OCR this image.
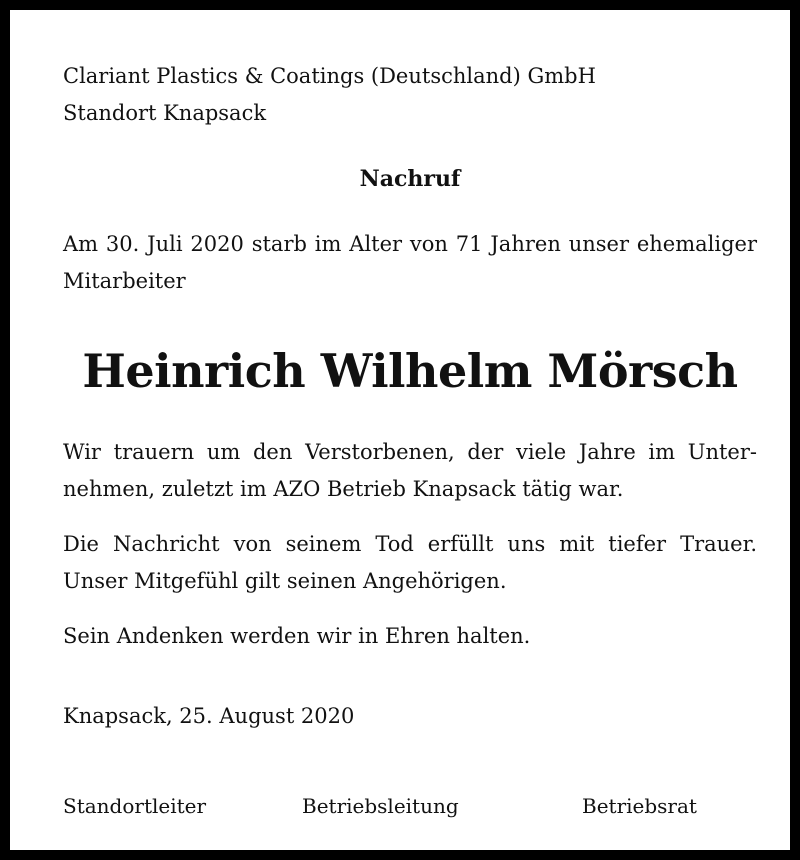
Clariant Plastics & Coatings (Deutschland) GmbH
Standort Knapsack
Nachruf

Am 30. Juli 2020 starb im Alter von 71 Jahren unser ehemaliger Mitarbeiter

Heinrich Wilhelm Mörsch

Wir trauern um den Verstorbenen, der viele Jahre im Unternehmen, zuletzt im AZO Betrieb Knapsack tätig war.

Die Nachricht von seinem Tod erfüllt uns mit tiefer Trauer. Unser Mitgefühl gilt seinen Angehörigen.

Sein Andenken werden wir in Ehren halten.

Knapsack, 25. August 2020
Standortleiter	Betriebsleitung	Betriebsrat
